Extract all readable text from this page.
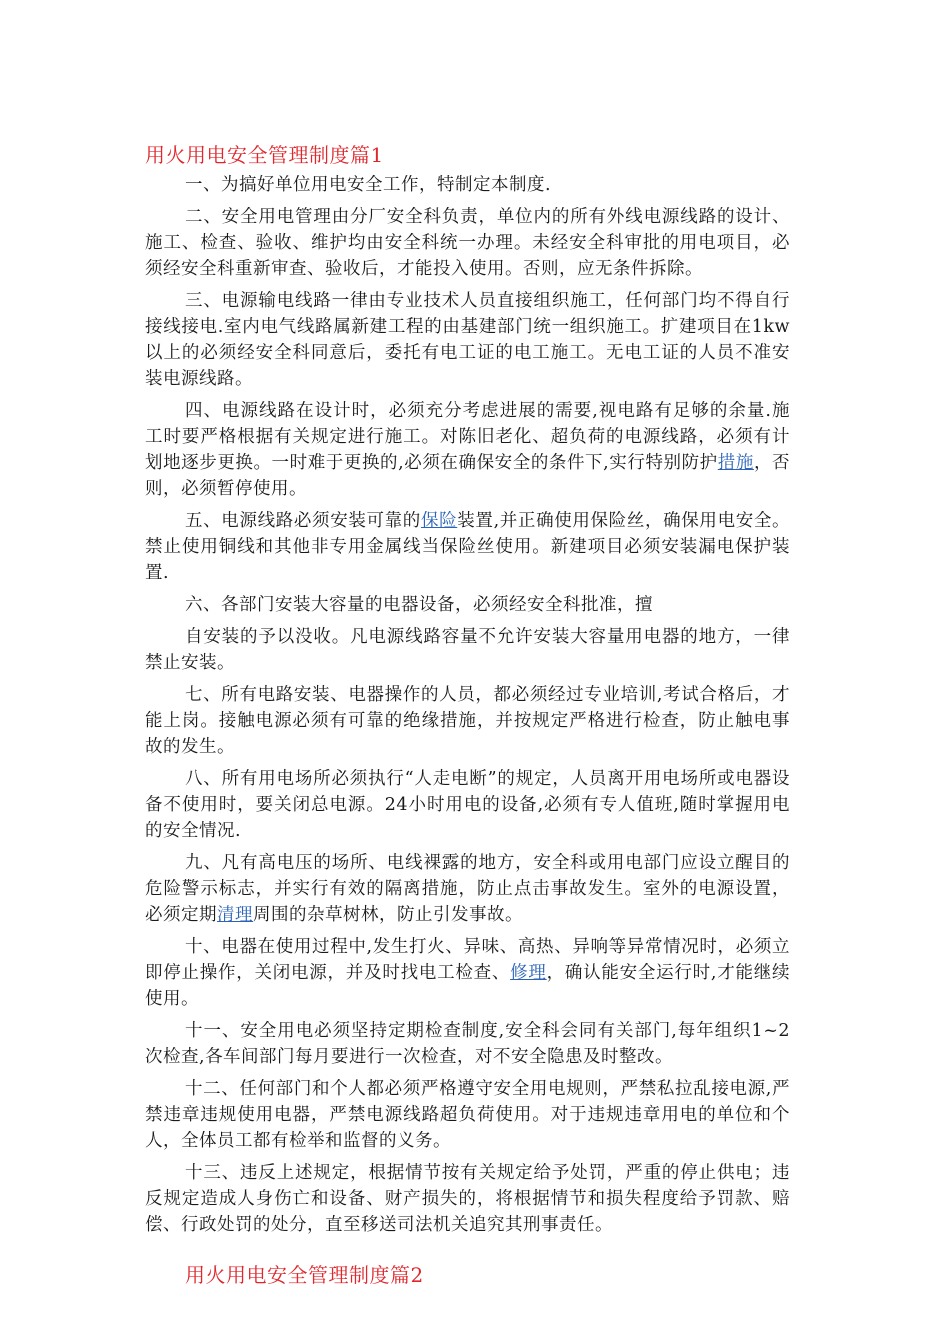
用火用电安全管理制度篇1

一、为搞好单位用电安全工作，特制定本制度.

二、安全用电管理由分厂安全科负责，单位内的所有外线电源线路的设计、施工、检查、验收、维护均由安全科统一办理。未经安全科审批的用电项目，必须经安全科重新审查、验收后，才能投入使用。否则，应无条件拆除。

三、电源输电线路一律由专业技术人员直接组织施工，任何部门均不得自行接线接电.室内电气线路属新建工程的由基建部门统一组织施工。扩建项目在1kw以上的必须经安全科同意后，委托有电工证的电工施工。无电工证的人员不准安装电源线路。

四、电源线路在设计时，必须充分考虑进展的需要,视电路有足够的余量.施工时要严格根据有关规定进行施工。对陈旧老化、超负荷的电源线路，必须有计划地逐步更换。一时难于更换的,必须在确保安全的条件下,实行特别防护措施，否则，必须暂停使用。

五、电源线路必须安装可靠的保险装置,并正确使用保险丝，确保用电安全。禁止使用铜线和其他非专用金属线当保险丝使用。新建项目必须安装漏电保护装置.

六、各部门安装大容量的电器设备，必须经安全科批准，擅

自安装的予以没收。凡电源线路容量不允许安装大容量用电器的地方，一律禁止安装。

七、所有电路安装、电器操作的人员，都必须经过专业培训,考试合格后，才能上岗。接触电源必须有可靠的绝缘措施，并按规定严格进行检查，防止触电事故的发生。

八、所有用电场所必须执行“人走电断”的规定，人员离开用电场所或电器设备不使用时，要关闭总电源。24小时用电的设备,必须有专人值班,随时掌握用电的安全情况.

九、凡有高电压的场所、电线裸露的地方，安全科或用电部门应设立醒目的危险警示标志，并实行有效的隔离措施，防止点击事故发生。室外的电源设置，必须定期清理周围的杂草树林，防止引发事故。

十、电器在使用过程中,发生打火、异味、高热、异响等异常情况时，必须立即停止操作，关闭电源，并及时找电工检查、修理，确认能安全运行时,才能继续使用。

十一、安全用电必须坚持定期检查制度,安全科会同有关部门,每年组织1~2次检查,各车间部门每月要进行一次检查，对不安全隐患及时整改。

十二、任何部门和个人都必须严格遵守安全用电规则，严禁私拉乱接电源,严禁违章违规使用电器，严禁电源线路超负荷使用。对于违规违章用电的单位和个人，全体员工都有检举和监督的义务。

十三、违反上述规定，根据情节按有关规定给予处罚，严重的停止供电；违反规定造成人身伤亡和设备、财产损失的，将根据情节和损失程度给予罚款、赔偿、行政处罚的处分，直至移送司法机关追究其刑事责任。

用火用电安全管理制度篇2
